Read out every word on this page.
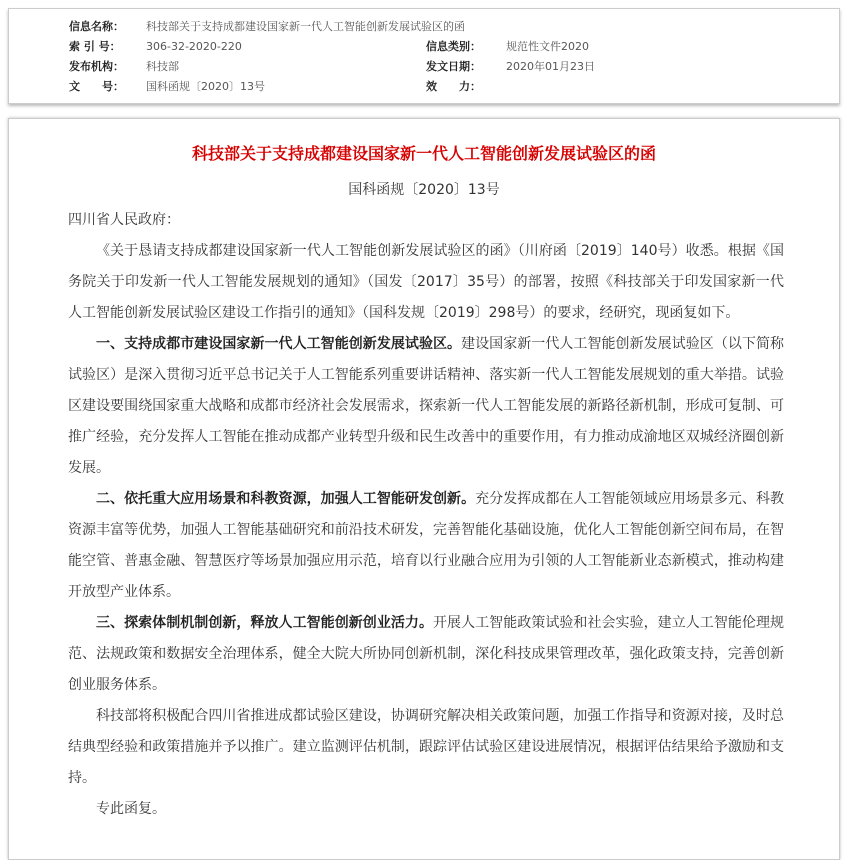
信息名称： 科技部关于支持成都建设国家新一代人工智能创新发展试验区的函
索 引 号： 306-32-2020-220	信息类别： 规范性文件2020
发布机构： 科技部	发文日期： 2020年01月23日
文　　号： 国科函规〔2020〕13号	效　　力：
科技部关于支持成都建设国家新一代人工智能创新发展试验区的函
国科函规〔2020〕13号

四川省人民政府：

《关于恳请支持成都建设国家新一代人工智能创新发展试验区的函》（川府函〔2019〕140号）收悉。根据《国务院关于印发新一代人工智能发展规划的通知》（国发〔2017〕35号）的部署，按照《科技部关于印发国家新一代人工智能创新发展试验区建设工作指引的通知》（国科发规〔2019〕298号）的要求，经研究，现函复如下。

一、支持成都市建设国家新一代人工智能创新发展试验区。建设国家新一代人工智能创新发展试验区（以下简称试验区）是深入贯彻习近平总书记关于人工智能系列重要讲话精神、落实新一代人工智能发展规划的重大举措。试验区建设要围绕国家重大战略和成都市经济社会发展需求，探索新一代人工智能发展的新路径新机制，形成可复制、可推广经验，充分发挥人工智能在推动成都产业转型升级和民生改善中的重要作用，有力推动成渝地区双城经济圈创新发展。

二、依托重大应用场景和科教资源，加强人工智能研发创新。充分发挥成都在人工智能领域应用场景多元、科教资源丰富等优势，加强人工智能基础研究和前沿技术研发，完善智能化基础设施，优化人工智能创新空间布局，在智能空管、普惠金融、智慧医疗等场景加强应用示范，培育以行业融合应用为引领的人工智能新业态新模式，推动构建开放型产业体系。

三、探索体制机制创新，释放人工智能创新创业活力。开展人工智能政策试验和社会实验，建立人工智能伦理规范、法规政策和数据安全治理体系，健全大院大所协同创新机制，深化科技成果管理改革，强化政策支持，完善创新创业服务体系。

科技部将积极配合四川省推进成都试验区建设，协调研究解决相关政策问题，加强工作指导和资源对接，及时总结典型经验和政策措施并予以推广。建立监测评估机制，跟踪评估试验区建设进展情况，根据评估结果给予激励和支持。

专此函复。
